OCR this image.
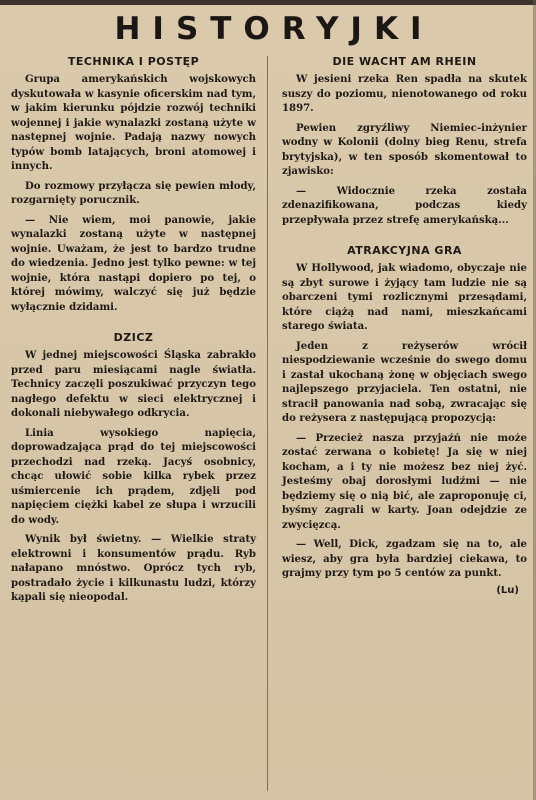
HISTORYJKI
TECHNIKA I POSTĘP

Grupa amerykańskich wojskowych dyskutowała w kasynie oficerskim nad tym, w jakim kierunku pójdzie rozwój techniki wojennej i jakie wynalazki zostaną użyte w następnej wojnie. Padają nazwy nowych typów bomb latających, broni atomowej i innych.

Do rozmowy przyłącza się pewien młody, rozgarnięty porucznik.

— Nie wiem, moi panowie, jakie wynalazki zostaną użyte w następnej wojnie. Uważam, że jest to bardzo trudne do wiedzenia. Jedno jest tylko pewne: w tej wojnie, która nastąpi dopiero po tej, o której mówimy, walczyć się już będzie wyłącznie dzidami.

DZICZ

W jednej miejscowości Śląska zabrakło przed paru miesiącami nagle światła. Technicy zaczęli poszukiwać przyczyn tego nagłego defektu w sieci elektrycznej i dokonali niebywałego odkrycia.

Linia wysokiego napięcia, doprowadzająca prąd do tej miejscowości przechodzi nad rzeką. Jacyś osobnicy, chcąc ułowić sobie kilka rybek przez uśmiercenie ich prądem, zdjęli pod napięciem ciężki kabel ze słupa i wrzucili do wody.

Wynik był świetny. — Wielkie straty elektrowni i konsumentów prądu. Ryb nałapano mnóstwo. Oprócz tych ryb, postradało życie i kilkunastu ludzi, którzy kąpali się nieopodal.

DIE WACHT AM RHEIN

W jesieni rzeka Ren spadła na skutek suszy do poziomu, nienotowanego od roku 1897.

Pewien zgryźliwy Niemiec-inżynier wodny w Kolonii (dolny bieg Renu, strefa brytyjska), w ten sposób skomentował to zjawisko:

— Widocznie rzeka została zdenazifikowana, podczas kiedy przepływała przez strefę amerykańską...

ATRAKCYJNA GRA

W Hollywood, jak wiadomo, obyczaje nie są zbyt surowe i żyjący tam ludzie nie są obarczeni tymi rozlicznymi przesądami, które ciążą nad nami, mieszkańcami starego świata.

Jeden z reżyserów wrócił niespodziewanie wcześnie do swego domu i zastał ukochaną żonę w objęciach swego najlepszego przyjaciela. Ten ostatni, nie stracił panowania nad sobą, zwracając się do reżysera z następującą propozycją:

— Przecież nasza przyjaźń nie może zostać zerwana o kobietę! Ja się w niej kocham, a i ty nie możesz bez niej żyć. Jesteśmy obaj dorosłymi ludźmi — nie będziemy się o nią bić, ale zaproponuję ci, byśmy zagrali w karty. Joan odejdzie ze zwycięzcą.

— Well, Dick, zgadzam się na to, ale wiesz, aby gra była bardziej ciekawa, to grajmy przy tym po 5 centów za punkt.

(Lu)
